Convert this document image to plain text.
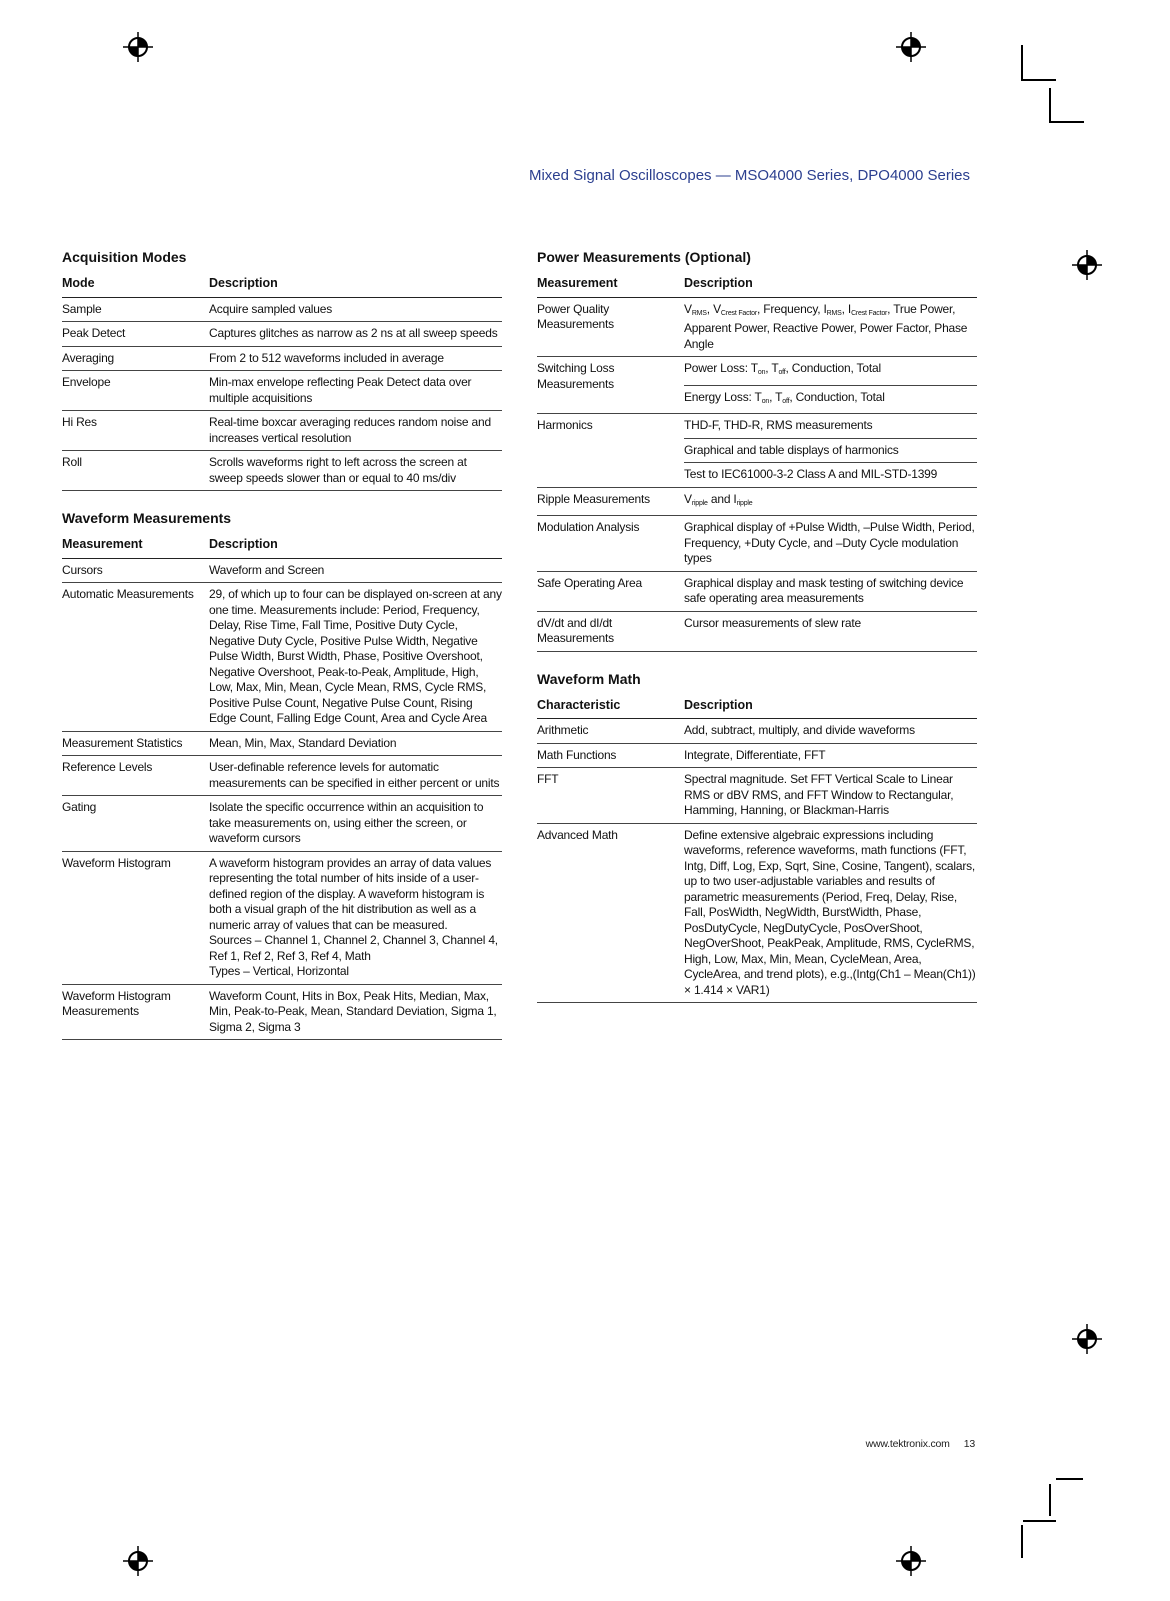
Mixed Signal Oscilloscopes — MSO4000 Series, DPO4000 Series
Acquisition Modes
Mode	Description
Sample	Acquire sampled values
Peak Detect	Captures glitches as narrow as 2 ns at all sweep speeds
Averaging	From 2 to 512 waveforms included in average
Envelope	Min-max envelope reflecting Peak Detect data over multiple acquisitions
Hi Res	Real-time boxcar averaging reduces random noise and increases vertical resolution
Roll	Scrolls waveforms right to left across the screen at sweep speeds slower than or equal to 40 ms/div
Waveform Measurements
Measurement	Description
Cursors	Waveform and Screen
Automatic Measurements	29, of which up to four can be displayed on-screen at any one time. Measurements include: Period, Frequency, Delay, Rise Time, Fall Time, Positive Duty Cycle, Negative Duty Cycle, Positive Pulse Width, Negative Pulse Width, Burst Width, Phase, Positive Overshoot, Negative Overshoot, Peak-to-Peak, Amplitude, High, Low, Max, Min, Mean, Cycle Mean, RMS, Cycle RMS, Positive Pulse Count, Negative Pulse Count, Rising Edge Count, Falling Edge Count, Area and Cycle Area
Measurement Statistics	Mean, Min, Max, Standard Deviation
Reference Levels	User-definable reference levels for automatic measurements can be specified in either percent or units
Gating	Isolate the specific occurrence within an acquisition to take measurements on, using either the screen, or waveform cursors
Waveform Histogram	A waveform histogram provides an array of data values representing the total number of hits inside of a user-defined region of the display. A waveform histogram is both a visual graph of the hit distribution as well as a numeric array of values that can be measured.
Sources – Channel 1, Channel 2, Channel 3, Channel 4, Ref 1, Ref 2, Ref 3, Ref 4, Math
Types – Vertical, Horizontal

Waveform Histogram Measurements	Waveform Count, Hits in Box, Peak Hits, Median, Max, Min, Peak-to-Peak, Mean, Standard Deviation, Sigma 1, Sigma 2, Sigma 3
Power Measurements (Optional)
Measurement	Description
Power Quality Measurements	$V_{RMS}$, $V_{Crest Factor}$, Frequency, $I_{RMS}$, $I_{Crest Factor}$, True Power, Apparent Power, Reactive Power, Power Factor, Phase Angle
Switching Loss Measurements	Power Loss: $T_{on}$, $T_{off}$, Conduction, Total
	Energy Loss: $T_{on}$, $T_{off}$, Conduction, Total
Harmonics	THD-F, THD-R, RMS measurements
	Graphical and table displays of harmonics
	Test to IEC61000-3-2 Class A and MIL-STD-1399
Ripple Measurements	$V_{ripple}$ and $I_{ripple}$
Modulation Analysis	Graphical display of +Pulse Width, –Pulse Width, Period, Frequency, +Duty Cycle, and –Duty Cycle modulation types
Safe Operating Area	Graphical display and mask testing of switching device safe operating area measurements
dV/dt and dI/dt Measurements	Cursor measurements of slew rate
Waveform Math
Characteristic	Description
Arithmetic	Add, subtract, multiply, and divide waveforms
Math Functions	Integrate, Differentiate, FFT
FFT	Spectral magnitude. Set FFT Vertical Scale to Linear RMS or dBV RMS, and FFT Window to Rectangular, Hamming, Hanning, or Blackman-Harris
Advanced Math	Define extensive algebraic expressions including waveforms, reference waveforms, math functions (FFT, Intg, Diff, Log, Exp, Sqrt, Sine, Cosine, Tangent), scalars, up to two user-adjustable variables and results of parametric measurements (Period, Freq, Delay, Rise, Fall, PosWidth, NegWidth, BurstWidth, Phase, PosDutyCycle, NegDutyCycle, PosOverShoot, NegOverShoot, PeakPeak, Amplitude, RMS, CycleRMS, High, Low, Max, Min, Mean, CycleMean, Area, CycleArea, and trend plots), e.g.,(Intg(Ch1 – Mean(Ch1)) × 1.414 × VAR1)
www.tektronix.com 13
